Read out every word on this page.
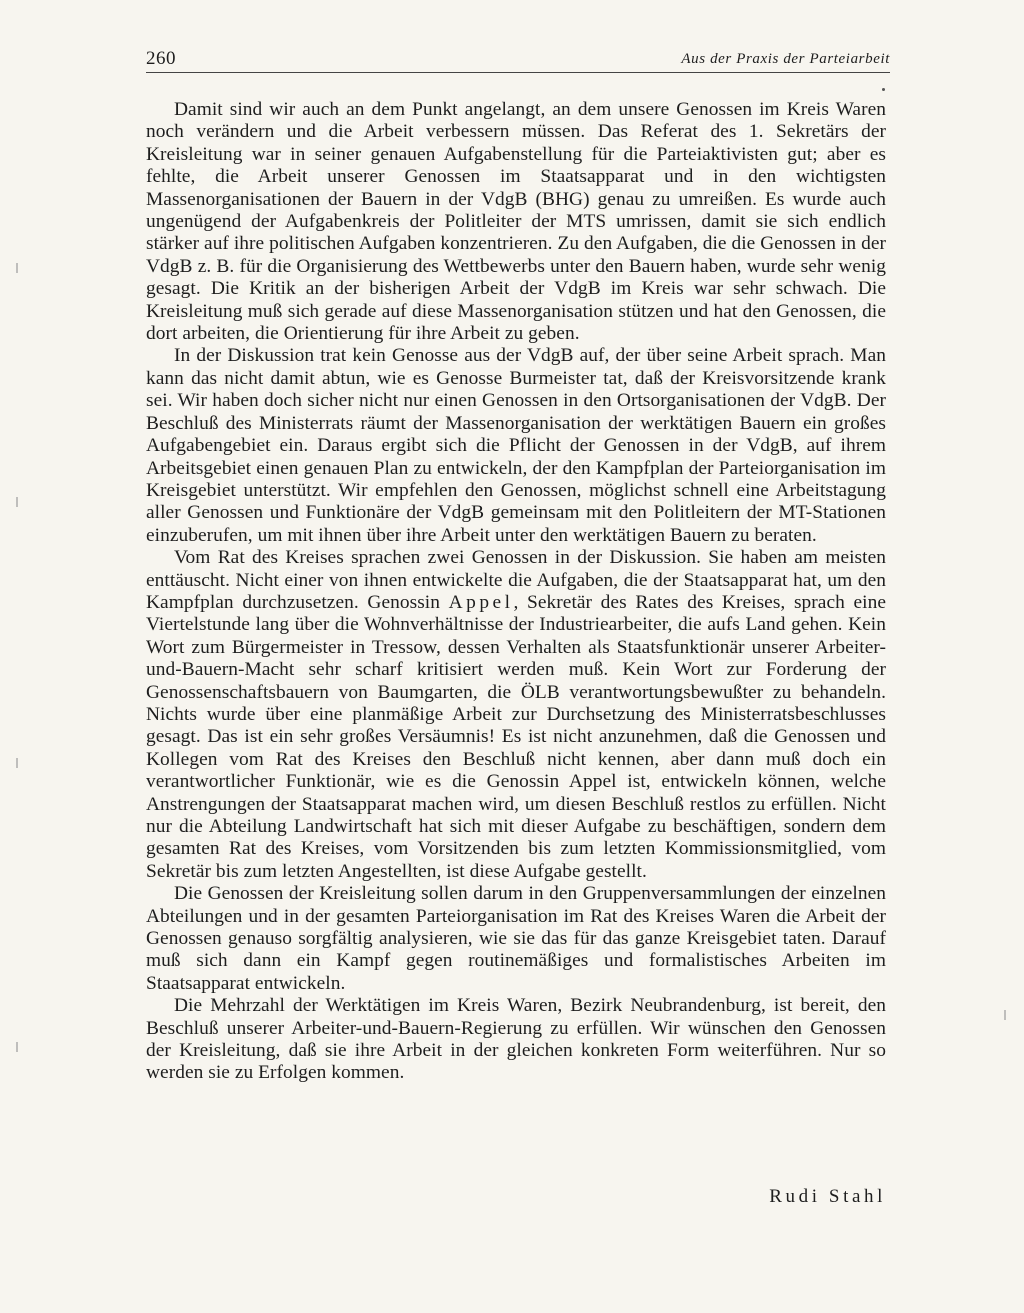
260	Aus der Praxis der Parteiarbeit

Damit sind wir auch an dem Punkt angelangt, an dem unsere Genossen im Kreis Waren noch verändern und die Arbeit verbessern müssen. Das Referat des 1. Sekretärs der Kreisleitung war in seiner genauen Aufgabenstellung für die Parteiaktivisten gut; aber es fehlte, die Arbeit unserer Genossen im Staatsapparat und in den wichtigsten Massenorganisationen der Bauern in der VdgB (BHG) genau zu umreißen. Es wurde auch ungenügend der Aufgabenkreis der Politleiter der MTS umrissen, damit sie sich endlich stärker auf ihre politischen Aufgaben konzentrieren. Zu den Aufgaben, die die Genossen in der VdgB z. B. für die Organisierung des Wettbewerbs unter den Bauern haben, wurde sehr wenig gesagt. Die Kritik an der bisherigen Arbeit der VdgB im Kreis war sehr schwach. Die Kreisleitung muß sich gerade auf diese Massenorganisation stützen und hat den Genossen, die dort arbeiten, die Orientierung für ihre Arbeit zu geben.

In der Diskussion trat kein Genosse aus der VdgB auf, der über seine Arbeit sprach. Man kann das nicht damit abtun, wie es Genosse Burmeister tat, daß der Kreisvorsitzende krank sei. Wir haben doch sicher nicht nur einen Genossen in den Ortsorganisationen der VdgB. Der Beschluß des Ministerrats räumt der Massenorganisation der werktätigen Bauern ein großes Aufgabengebiet ein. Daraus ergibt sich die Pflicht der Genossen in der VdgB, auf ihrem Arbeitsgebiet einen genauen Plan zu entwickeln, der den Kampfplan der Parteiorganisation im Kreisgebiet unterstützt. Wir empfehlen den Genossen, möglichst schnell eine Arbeitstagung aller Genossen und Funktionäre der VdgB gemeinsam mit den Politleitern der MT-Stationen einzuberufen, um mit ihnen über ihre Arbeit unter den werktätigen Bauern zu beraten.

Vom Rat des Kreises sprachen zwei Genossen in der Diskussion. Sie haben am meisten enttäuscht. Nicht einer von ihnen entwickelte die Aufgaben, die der Staatsapparat hat, um den Kampfplan durchzusetzen. Genossin Appel, Sekretär des Rates des Kreises, sprach eine Viertelstunde lang über die Wohnverhältnisse der Industriearbeiter, die aufs Land gehen. Kein Wort zum Bürgermeister in Tressow, dessen Verhalten als Staatsfunktionär unserer Arbeiter-und-Bauern-Macht sehr scharf kritisiert werden muß. Kein Wort zur Forderung der Genossenschaftsbauern von Baumgarten, die ÖLB verantwortungsbewußter zu behandeln. Nichts wurde über eine planmäßige Arbeit zur Durchsetzung des Ministerratsbeschlusses gesagt. Das ist ein sehr großes Versäumnis! Es ist nicht anzunehmen, daß die Genossen und Kollegen vom Rat des Kreises den Beschluß nicht kennen, aber dann muß doch ein verantwortlicher Funktionär, wie es die Genossin Appel ist, entwickeln können, welche Anstrengungen der Staatsapparat machen wird, um diesen Beschluß restlos zu erfüllen. Nicht nur die Abteilung Landwirtschaft hat sich mit dieser Aufgabe zu beschäftigen, sondern dem gesamten Rat des Kreises, vom Vorsitzenden bis zum letzten Kommissionsmitglied, vom Sekretär bis zum letzten Angestellten, ist diese Aufgabe gestellt.

Die Genossen der Kreisleitung sollen darum in den Gruppenversammlungen der einzelnen Abteilungen und in der gesamten Parteiorganisation im Rat des Kreises Waren die Arbeit der Genossen genauso sorgfältig analysieren, wie sie das für das ganze Kreisgebiet taten. Darauf muß sich dann ein Kampf gegen routinemäßiges und formalistisches Arbeiten im Staatsapparat entwickeln.

Die Mehrzahl der Werktätigen im Kreis Waren, Bezirk Neubrandenburg, ist bereit, den Beschluß unserer Arbeiter-und-Bauern-Regierung zu erfüllen. Wir wünschen den Genossen der Kreisleitung, daß sie ihre Arbeit in der gleichen konkreten Form weiterführen. Nur so werden sie zu Erfolgen kommen.

Rudi Stahl
